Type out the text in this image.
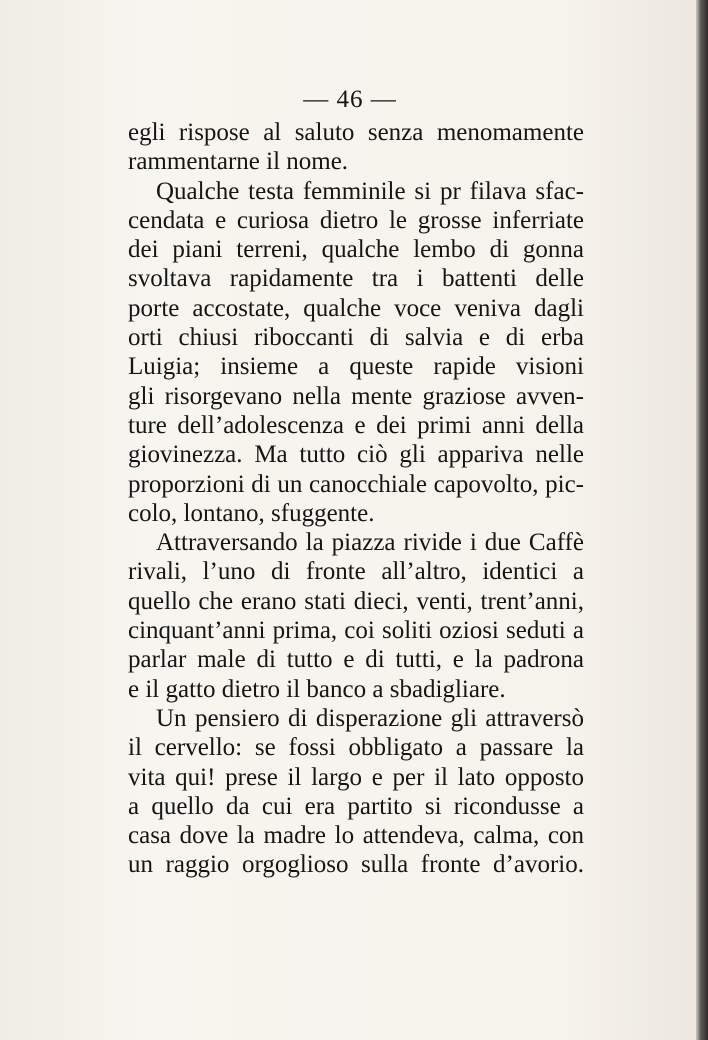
— 46 —
egli rispose al saluto senza menomamente
rammentarne il nome.
Qualche testa femminile si pr filava sfac-
cendata e curiosa dietro le grosse inferriate
dei piani terreni, qualche lembo di gonna
svoltava rapidamente tra i battenti delle
porte accostate, qualche voce veniva dagli
orti chiusi riboccanti di salvia e di erba
Luigia; insieme a queste rapide visioni
gli risorgevano nella mente graziose avven-
ture dell’adolescenza e dei primi anni della
giovinezza. Ma tutto ciò gli appariva nelle
proporzioni di un canocchiale capovolto, pic-
colo, lontano, sfuggente.
Attraversando la piazza rivide i due Caffè
rivali, l’uno di fronte all’altro, identici a
quello che erano stati dieci, venti, trent’anni,
cinquant’anni prima, coi soliti oziosi seduti a
parlar male di tutto e di tutti, e la padrona
e il gatto dietro il banco a sbadigliare.
Un pensiero di disperazione gli attraversò
il cervello: se fossi obbligato a passare la
vita qui! prese il largo e per il lato opposto
a quello da cui era partito si ricondusse a
casa dove la madre lo attendeva, calma, con
un raggio orgoglioso sulla fronte d’avorio.
